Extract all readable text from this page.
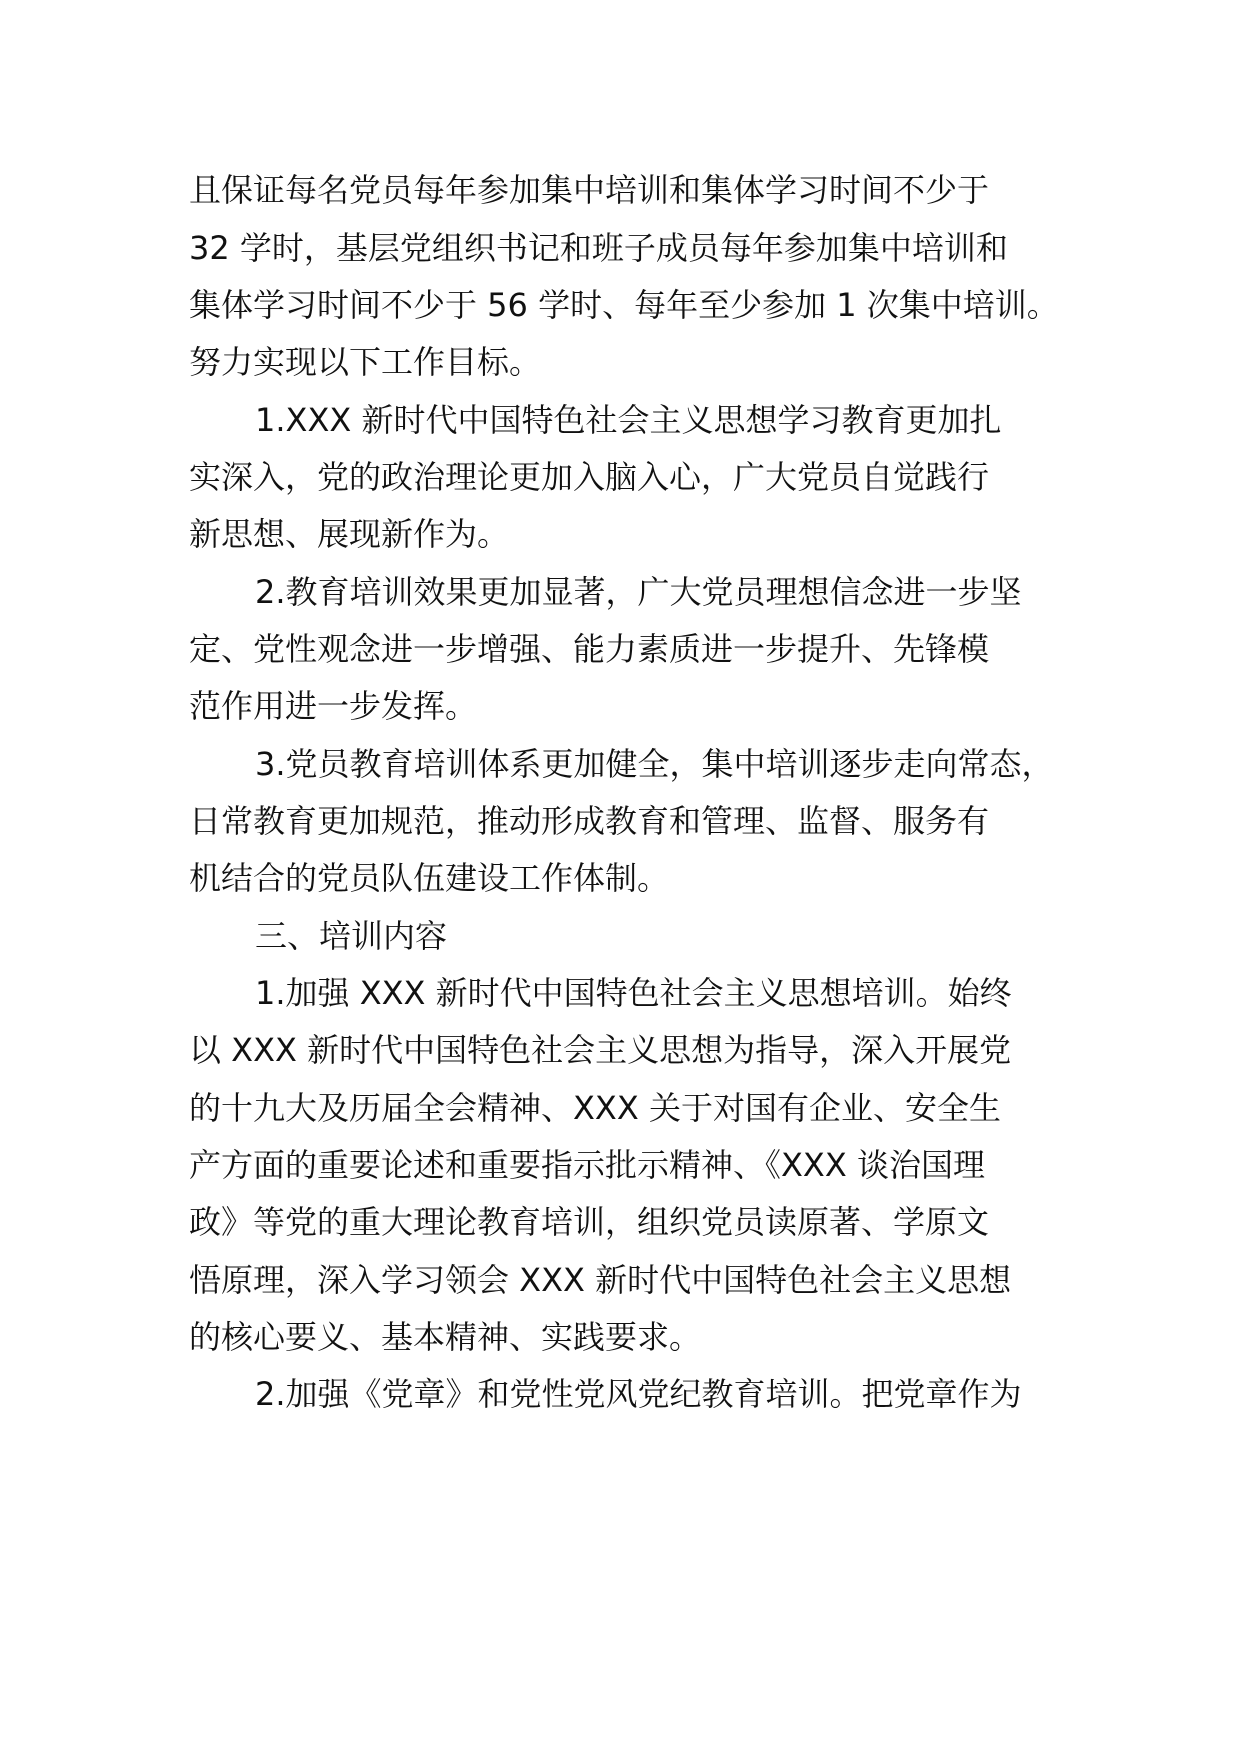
且保证每名党员每年参加集中培训和集体学习时间不少于
32 学时，基层党组织书记和班子成员每年参加集中培训和
集体学习时间不少于 56 学时、每年至少参加 1 次集中培训。
努力实现以下工作目标。
1.XXX 新时代中国特色社会主义思想学习教育更加扎
实深入，党的政治理论更加入脑入心，广大党员自觉践行
新思想、展现新作为。
2.教育培训效果更加显著，广大党员理想信念进一步坚
定、党性观念进一步增强、能力素质进一步提升、先锋模
范作用进一步发挥。
3.党员教育培训体系更加健全，集中培训逐步走向常态，
日常教育更加规范，推动形成教育和管理、监督、服务有
机结合的党员队伍建设工作体制。
三、培训内容
1.加强 XXX 新时代中国特色社会主义思想培训。始终
以 XXX 新时代中国特色社会主义思想为指导，深入开展党
的十九大及历届全会精神、XXX 关于对国有企业、安全生
产方面的重要论述和重要指示批示精神、《XXX 谈治国理
政》等党的重大理论教育培训，组织党员读原著、学原文
悟原理，深入学习领会 XXX 新时代中国特色社会主义思想
的核心要义、基本精神、实践要求。
2.加强《党章》和党性党风党纪教育培训。把党章作为
